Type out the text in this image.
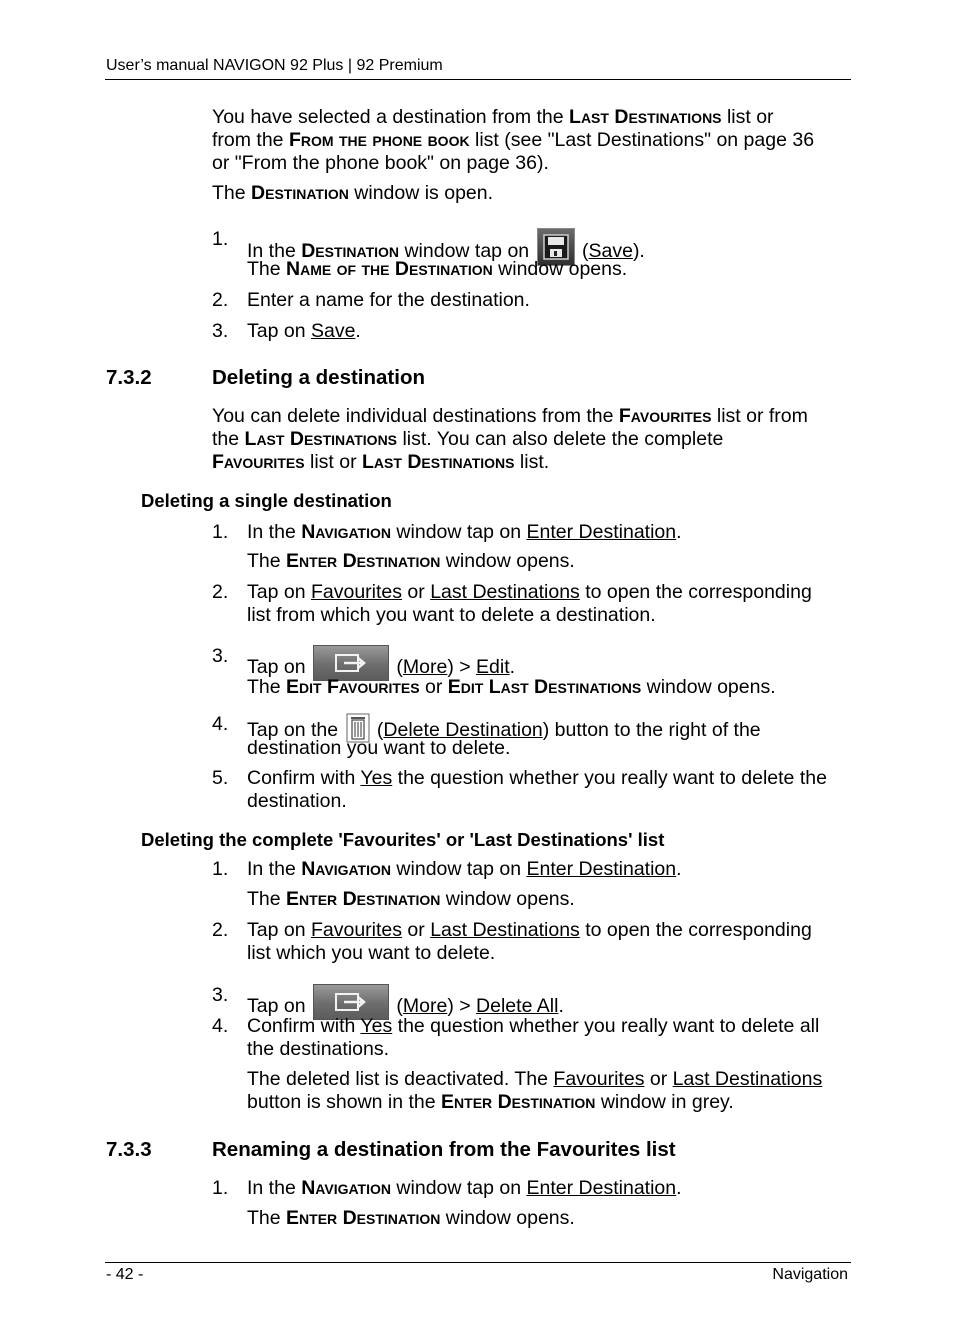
User’s manual NAVIGON 92 Plus | 92 Premium
You have selected a destination from the Last Destinations list or
from the From the phone book list (see "Last Destinations" on page 36
or "From the phone book" on page 36).
The Destination window is open.
1.
In the Destination window tap on
(Save).
The Name of the Destination window opens.
2. Enter a name for the destination.
3. Tap on Save.
7.3.2	Deleting a destination
You can delete individual destinations from the Favourites list or from
the Last Destinations list. You can also delete the complete
Favourites list or Last Destinations list.
Deleting a single destination
1. In the Navigation window tap on Enter Destination.
The Enter Destination window opens.
2. Tap on Favourites or Last Destinations to open the corresponding
list from which you want to delete a destination.
3. Tap on	(More) > Edit.
The Edit Favourites or Edit Last Destinations window opens.
4. Tap on the  (Delete Destination) button to the right of the
destination you want to delete.
5. Confirm with Yes the question whether you really want to delete the
destination.
Deleting the complete 'Favourites' or 'Last Destinations' list
1. In the Navigation window tap on Enter Destination.
The Enter Destination window opens.
2. Tap on Favourites or Last Destinations to open the corresponding
list which you want to delete.
3. Tap on	(More) > Delete All.
4. Confirm with Yes the question whether you really want to delete all
the destinations.
The deleted list is deactivated. The Favourites or Last Destinations
button is shown in the Enter Destination window in grey.
7.3.3	Renaming a destination from the Favourites list
1. In the Navigation window tap on Enter Destination.
The Enter Destination window opens.
- 42 -	Navigation
